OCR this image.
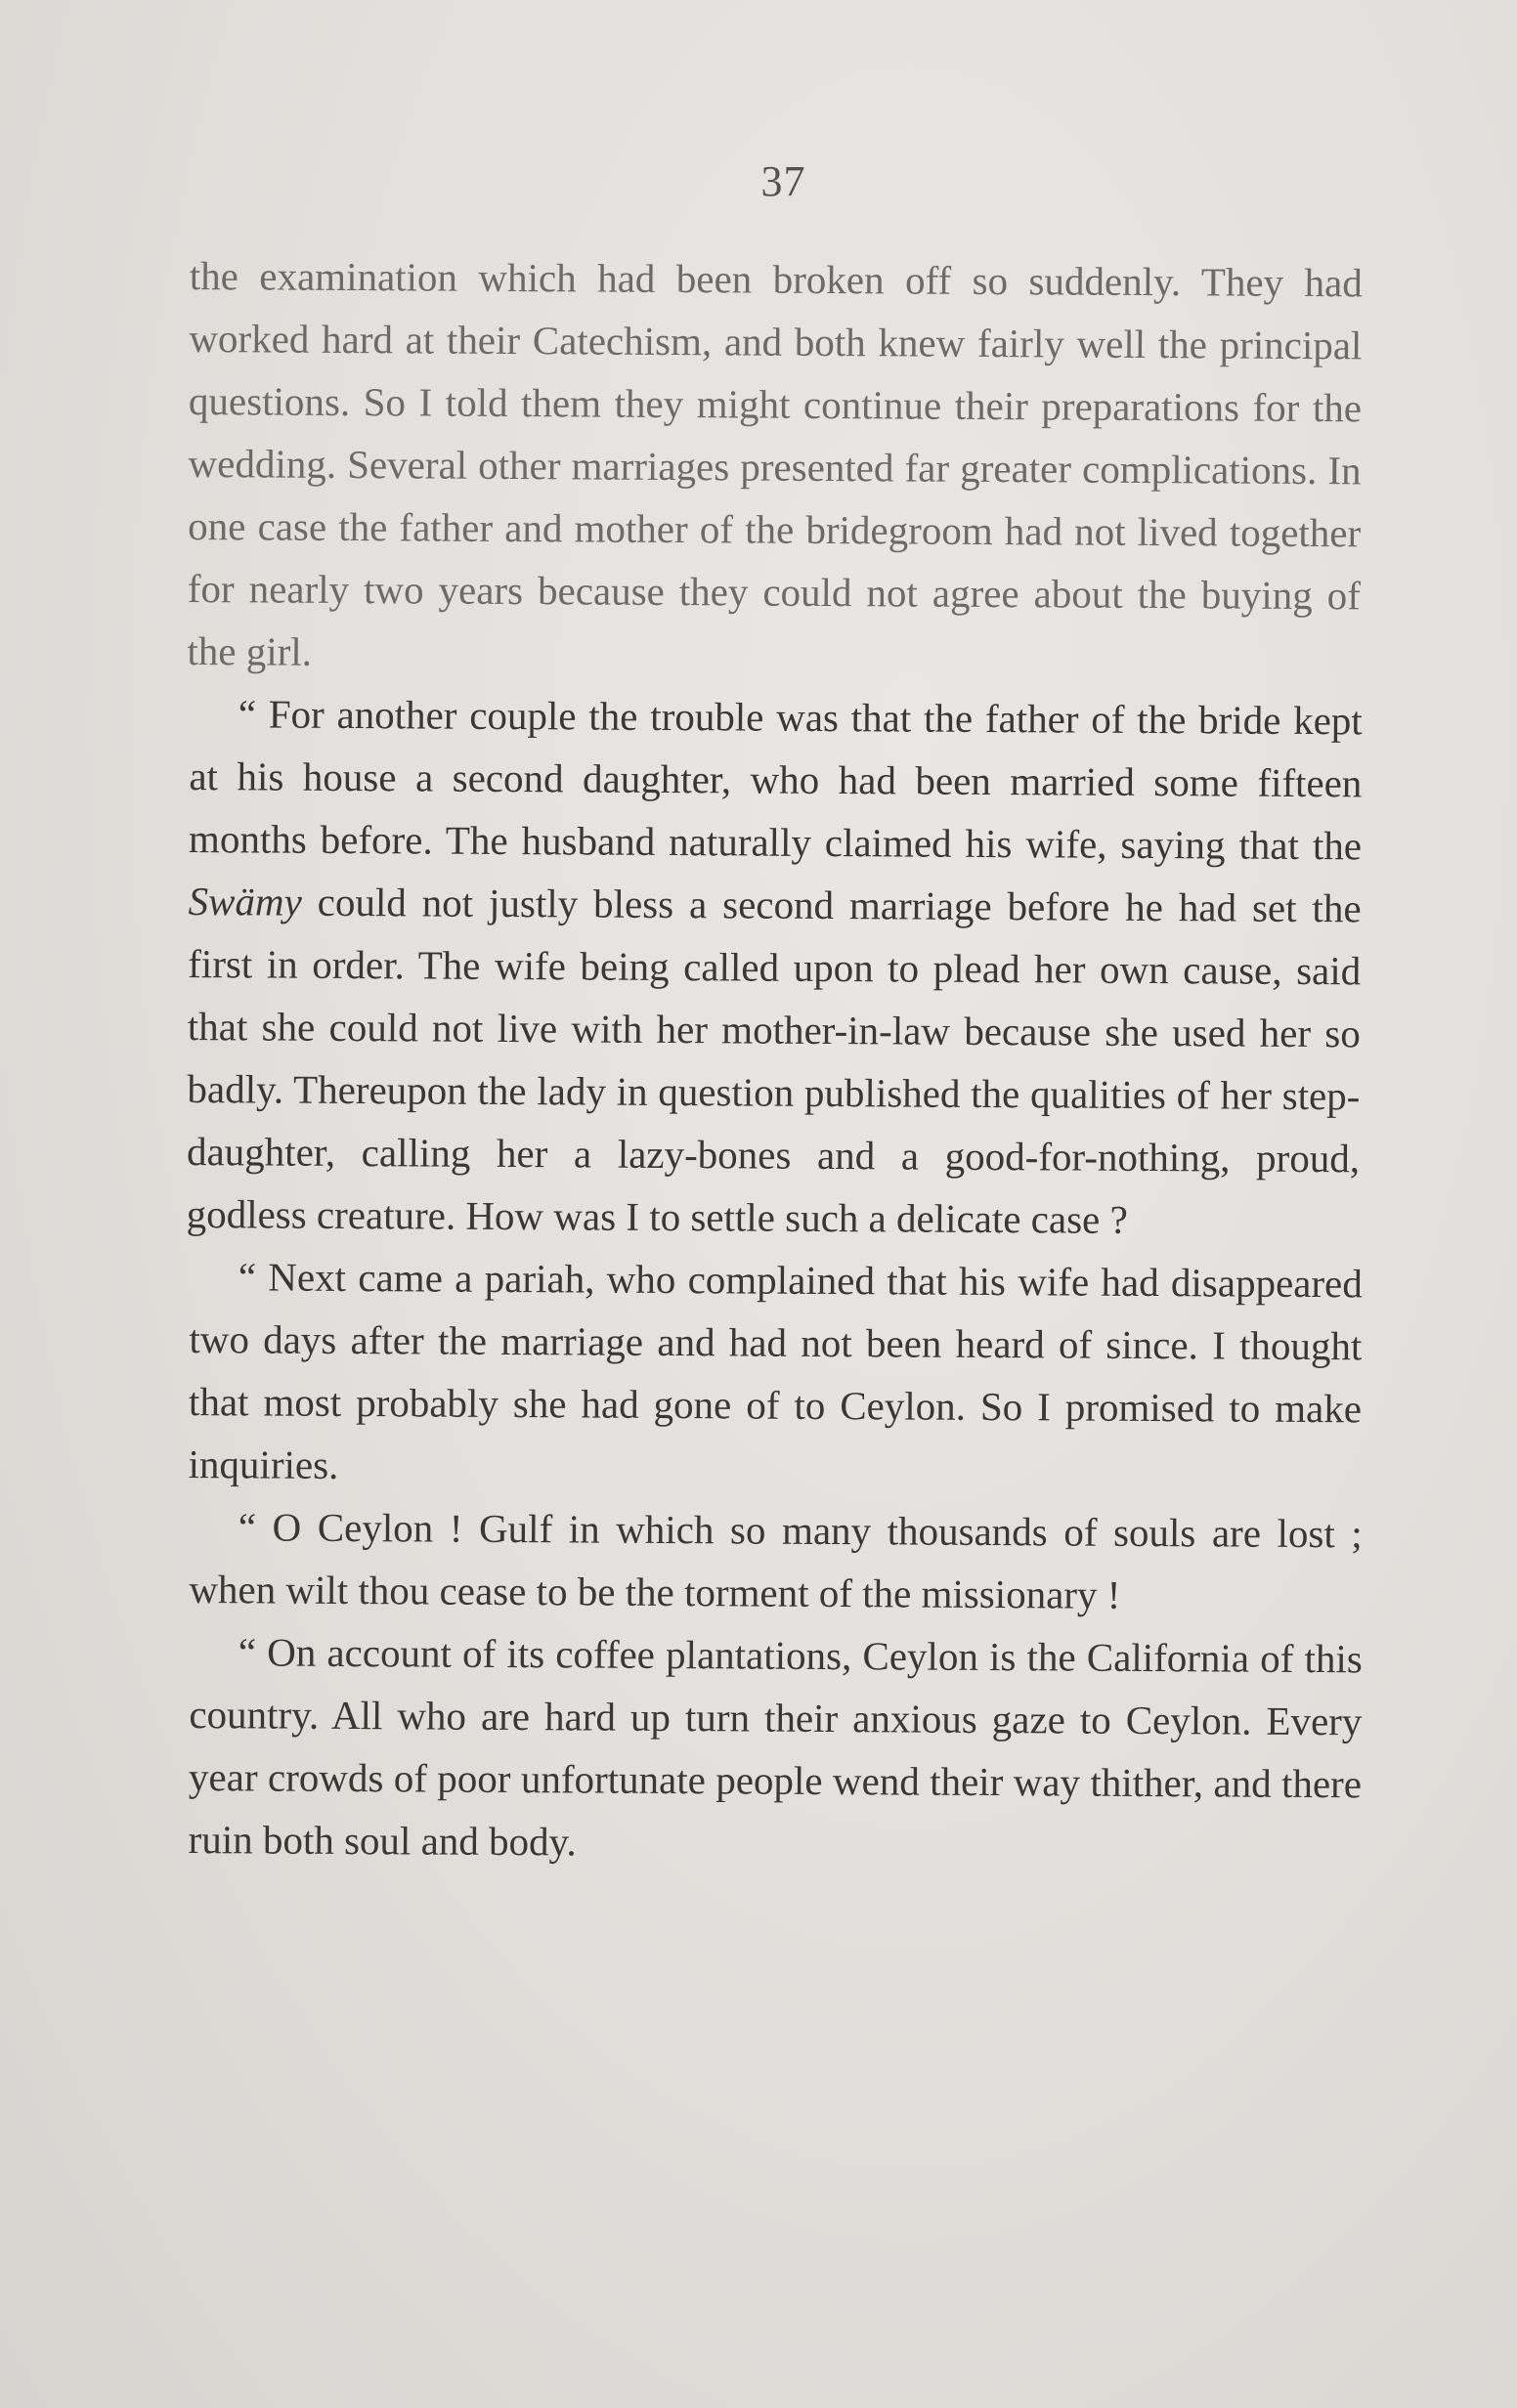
37

the examination which had been broken off so suddenly. They had worked hard at their Catechism, and both knew fairly well the principal questions. So I told them they might continue their preparations for the wedding. Several other marriages presented far greater complications. In one case the father and mother of the bridegroom had not lived together for nearly two years because they could not agree about the buying of the girl.

“ For another couple the trouble was that the father of the bride kept at his house a second daughter, who had been married some fifteen months before. The husband naturally claimed his wife, saying that the Swämy could not justly bless a second marriage before he had set the first in order. The wife being called upon to plead her own cause, said that she could not live with her mother-in-law because she used her so badly. Thereupon the lady in question published the qualities of her step-daughter, calling her a lazy-bones and a good-for-nothing, proud, godless creature. How was I to settle such a delicate case ?

“ Next came a pariah, who complained that his wife had disappeared two days after the marriage and had not been heard of since. I thought that most probably she had gone of to Ceylon. So I promised to make inquiries.

“ O Ceylon ! Gulf in which so many thousands of souls are lost ; when wilt thou cease to be the torment of the missionary !

“ On account of its coffee plantations, Ceylon is the California of this country. All who are hard up turn their anxious gaze to Ceylon. Every year crowds of poor unfortunate people wend their way thither, and there ruin both soul and body.
